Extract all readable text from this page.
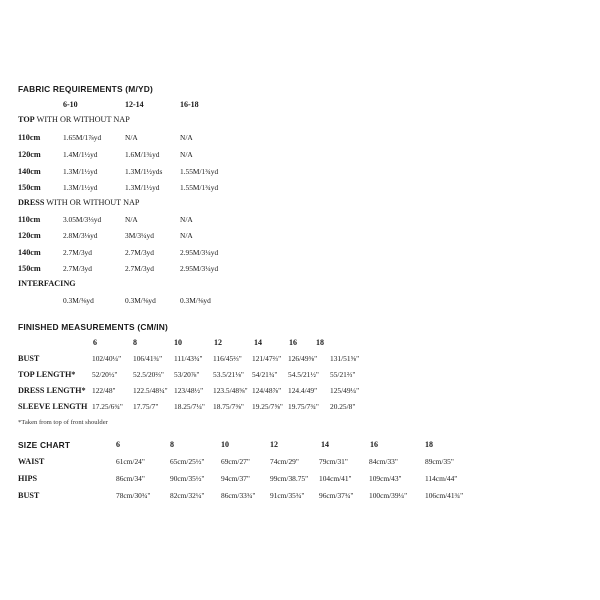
FABRIC REQUIREMENTS (M/YD)
6-10	12-14	16-18
TOP WITH OR WITHOUT NAP
110cm	1.65M/1⅞yd	N/A	N/A
120cm	1.4M/1½yd	1.6M/1¾yd	N/A
140cm	1.3M/1½yd	1.3M/1½yds 1.55M/1¾yd
150cm	1.3M/1½yd	1.3M/1½yd	1.55M/1¾yd
DRESS WITH OR WITHOUT NAP
110cm	3.05M/3⅓yd	N/A	N/A
120cm	2.8M/3⅛yd	3M/3¼yd	N/A
140cm	2.7M/3yd	2.7M/3yd	2.95M/3¼yd
150cm	2.7M/3yd	2.7M/3yd	2.95M/3¼yd
INTERFACING
0.3M/⅜yd	0.3M/⅜yd	0.3M/⅜yd
FINISHED MEASUREMENTS (CM/IN)
6	8	10	12	14	16 18
BUST	102/40¼" 106/41¾" 111/43¾" 116/45⅔" 121/47⅔" 126/49⅝" 131/51⅝"
TOP LENGTH* 52/20½" 52.5/20⅔" 53/20⅞" 53.5/21⅛" 54/21¾" 54.5/21½" 55/21⅔"
DRESS LENGTH* 122/48" 122.5/48¼" 123/48½" 123.5/48⅝" 124/48⅞" 124.4/49" 125/49¼"
SLEEVE LENGTH 17.25/6¾" 17.75/7" 18.25/7¼" 18.75/7⅜" 19.25/7⅝" 19.75/7¾" 20.25/8"
*Taken from top of front shoulder
SIZE CHART	6	8	10	12	14	16	18
WAIST	61cm/24"	65cm/25½" 69cm/27"	74cm/29"	79cm/31"	84cm/33"	89cm/35"
HIPS	86cm/34"	90cm/35½" 94cm/37"	99cm/38.75" 104cm/41" 109cm/43"	114cm/44"
BUST	78cm/30¾"	82cm/32¼" 86cm/33¾" 91cm/35¾" 96cm/37¾" 100cm/39¼" 106cm/41¾"
